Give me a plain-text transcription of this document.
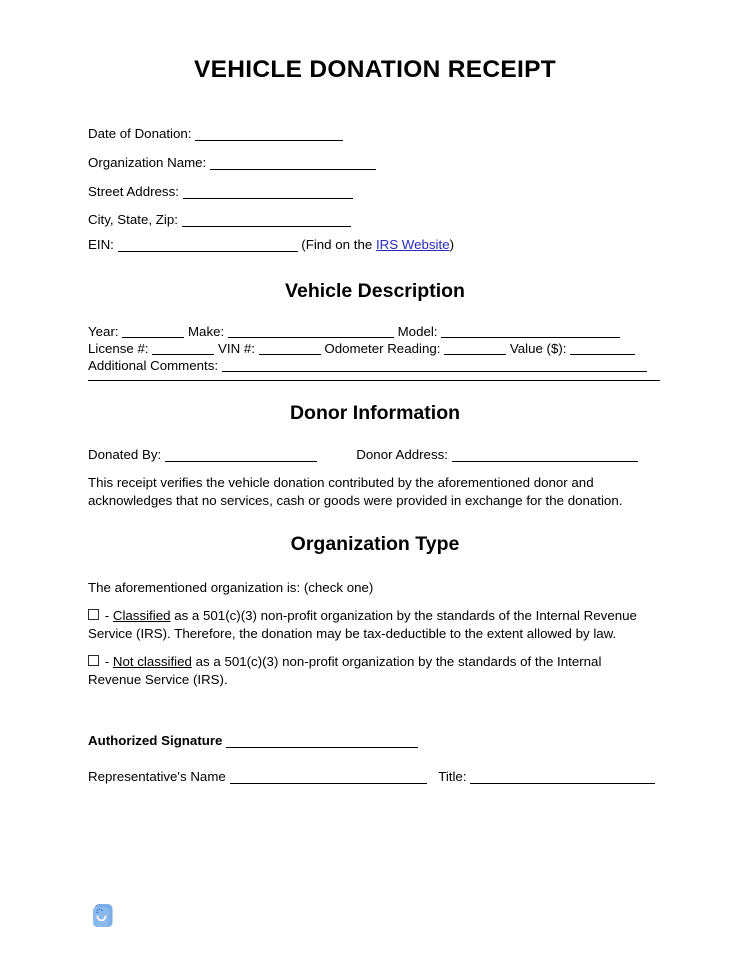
VEHICLE DONATION RECEIPT
Date of Donation:
Organization Name:
Street Address:
City, State, Zip:
EIN:	(Find on the IRS Website)
Vehicle Description
Year:	Make:	Model:
License #:	VIN #:	Odometer Reading:	Value ($):
Additional Comments:
Donor Information
Donated By:	Donor Address:
This receipt verifies the vehicle donation contributed by the aforementioned donor and acknowledges that no services, cash or goods were provided in exchange for the donation.
Organization Type
The aforementioned organization is: (check one)
- Classified as a 501(c)(3) non-profit organization by the standards of the Internal Revenue Service (IRS). Therefore, the donation may be tax-deductible to the extent allowed by law.
- Not classified as a 501(c)(3) non-profit organization by the standards of the Internal Revenue Service (IRS).
Authorized Signature
Representative's Name	Title:
